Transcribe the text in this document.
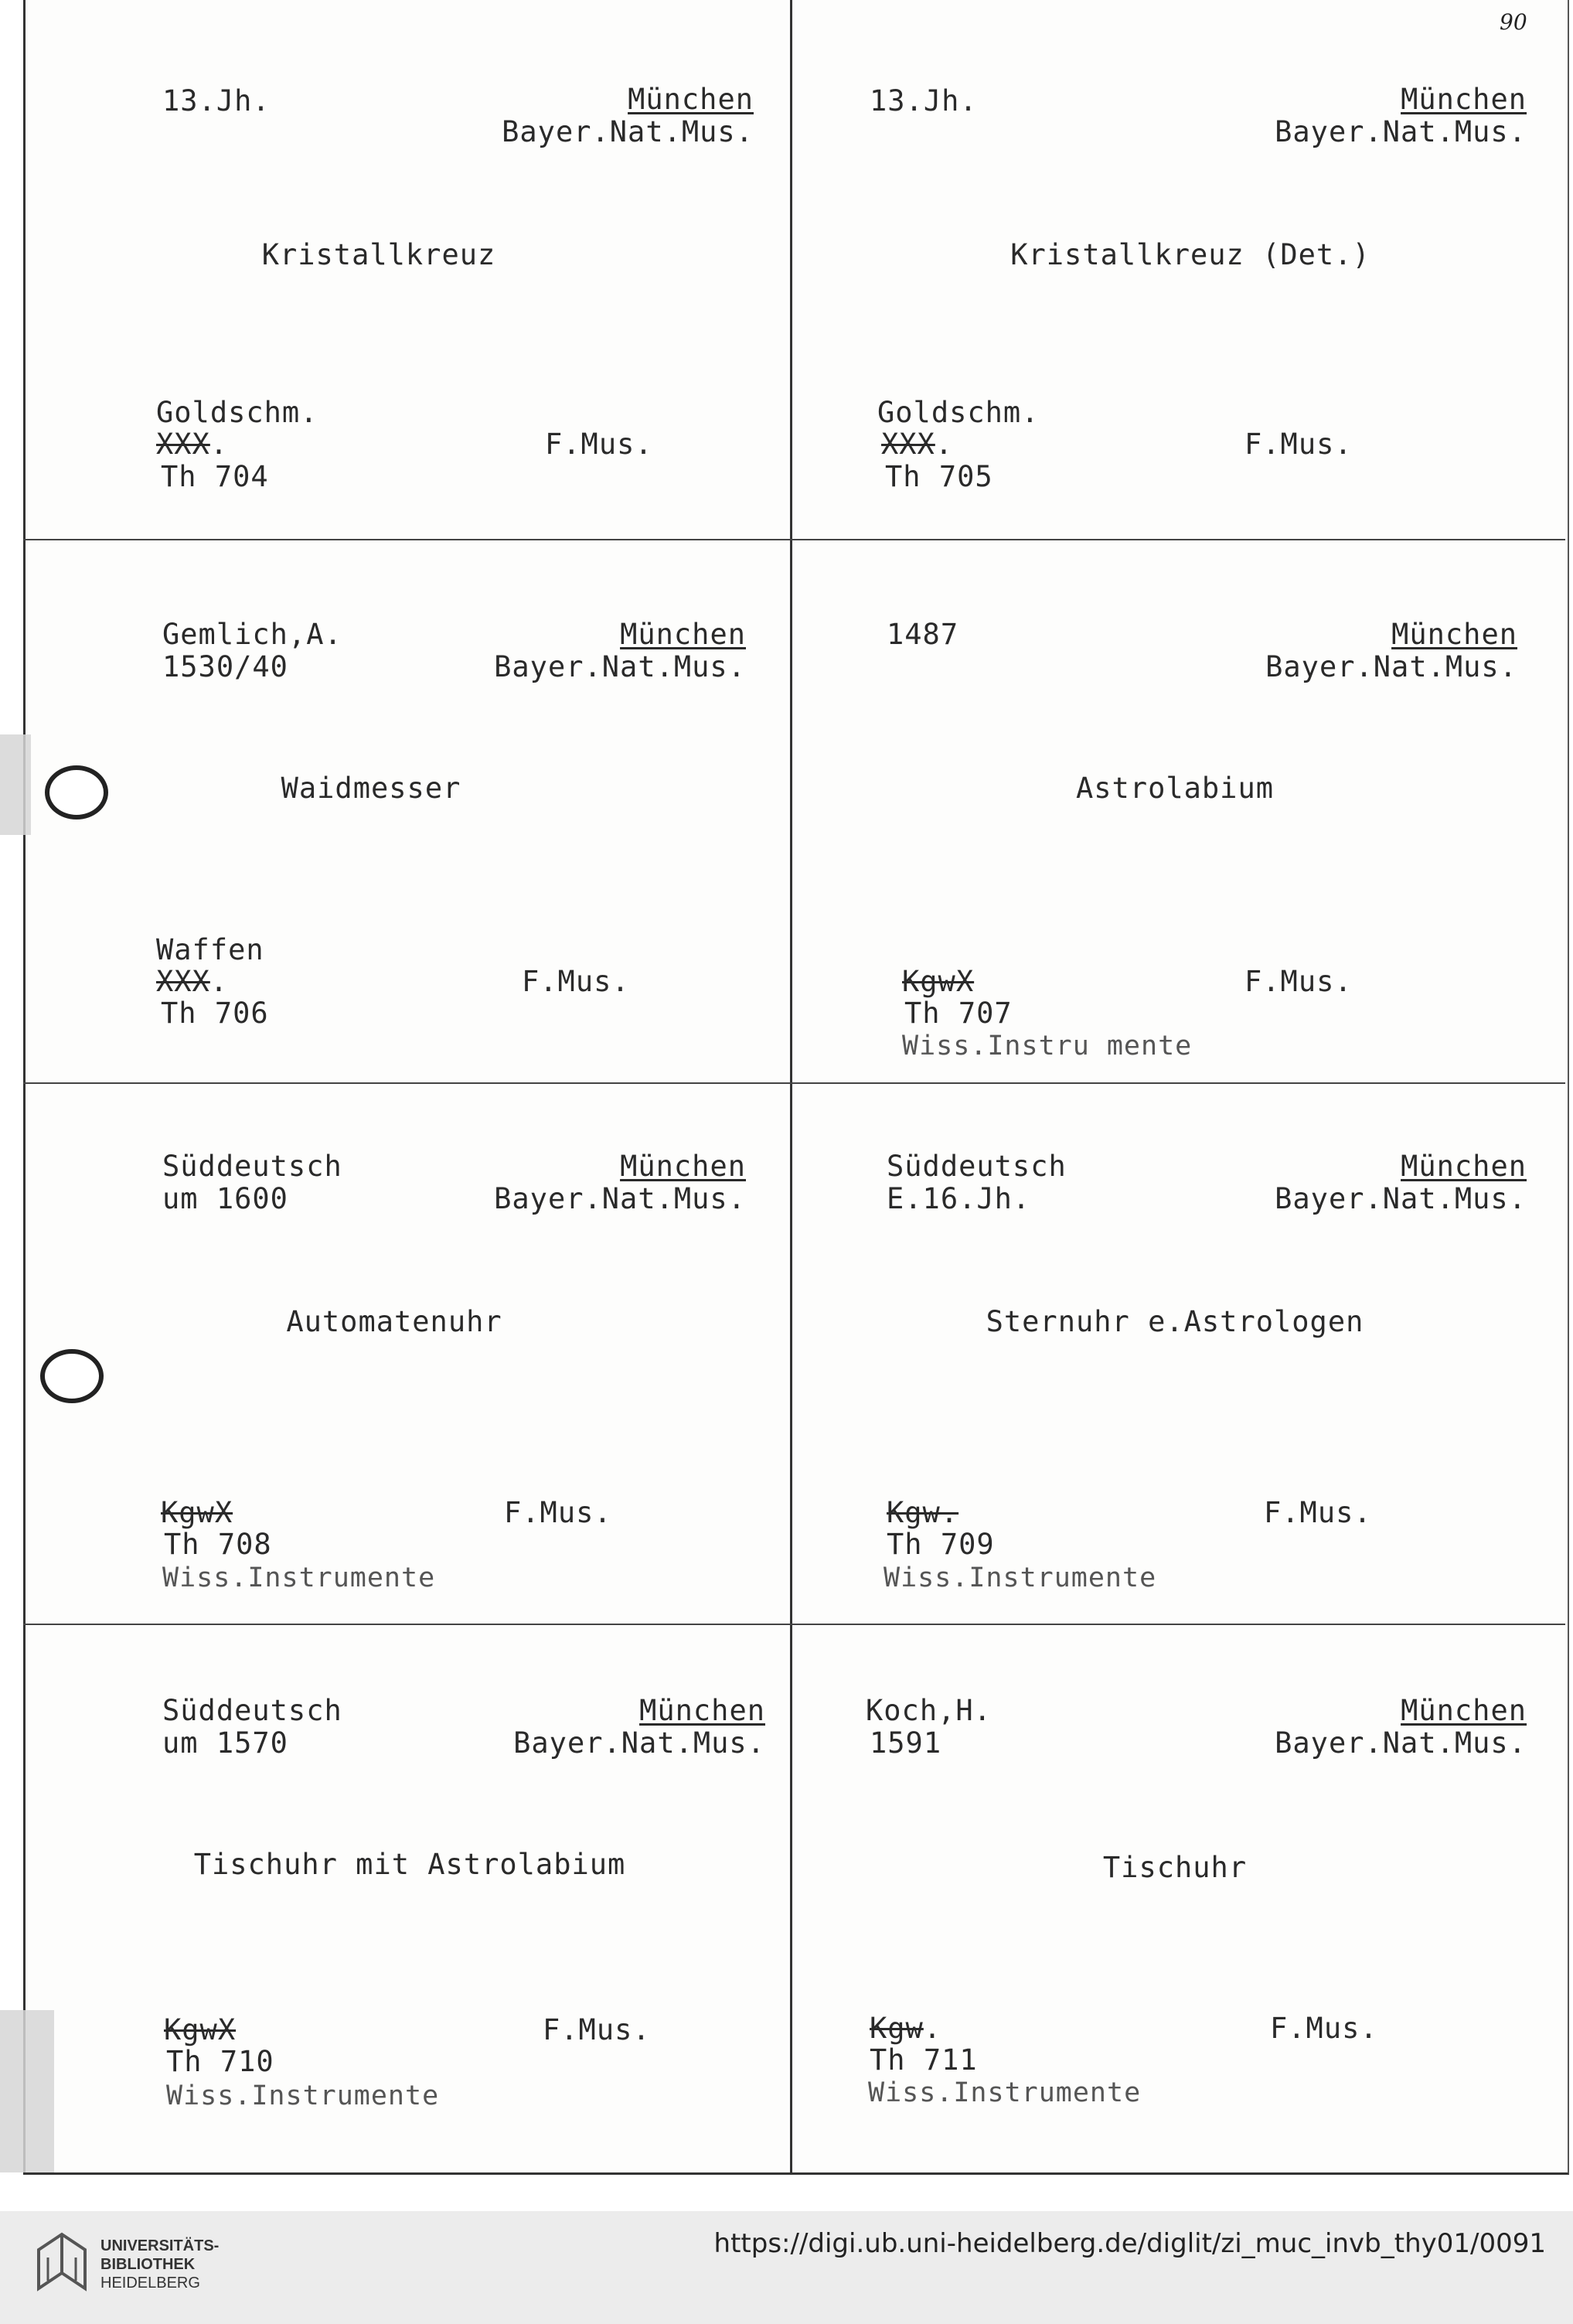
90
13.Jh.	München
Bayer.Nat.Mus.
Kristallkreuz
Goldschm.
XXX.	F.Mus.
Th 704
13.Jh.	München
Bayer.Nat.Mus.
Kristallkreuz (Det.)
Goldschm.
XXX.	F.Mus.
Th 705
Gemlich,A.
1530/40
München
Bayer.Nat.Mus.
Waidmesser
Waffen
XXX.	F.Mus.
Th 706
1487	München
Bayer.Nat.Mus.
Astrolabium
KgwX	F.Mus.
Th 707
Wiss.Instru mente
Süddeutsch
um 1600
München
Bayer.Nat.Mus.
Automatenuhr
KgwX	F.Mus.
Th 708
Wiss.Instrumente
Süddeutsch
E.16.Jh.
München
Bayer.Nat.Mus.
Sternuhr e.Astrologen
Kgw.	F.Mus.
Th 709
Wiss.Instrumente
Süddeutsch
um 1570
München
Bayer.Nat.Mus.
Tischuhr mit Astrolabium
KgwX	F.Mus.
Th 710
Wiss.Instrumente
Koch,H.
1591
München
Bayer.Nat.Mus.
Tischuhr
Kgw.	F.Mus.
Th 711
Wiss.Instrumente
UNIVERSITÄTS-
BIBLIOTHEK
HEIDELBERG
https://digi.ub.uni-heidelberg.de/diglit/zi_muc_invb_thy01/0091
